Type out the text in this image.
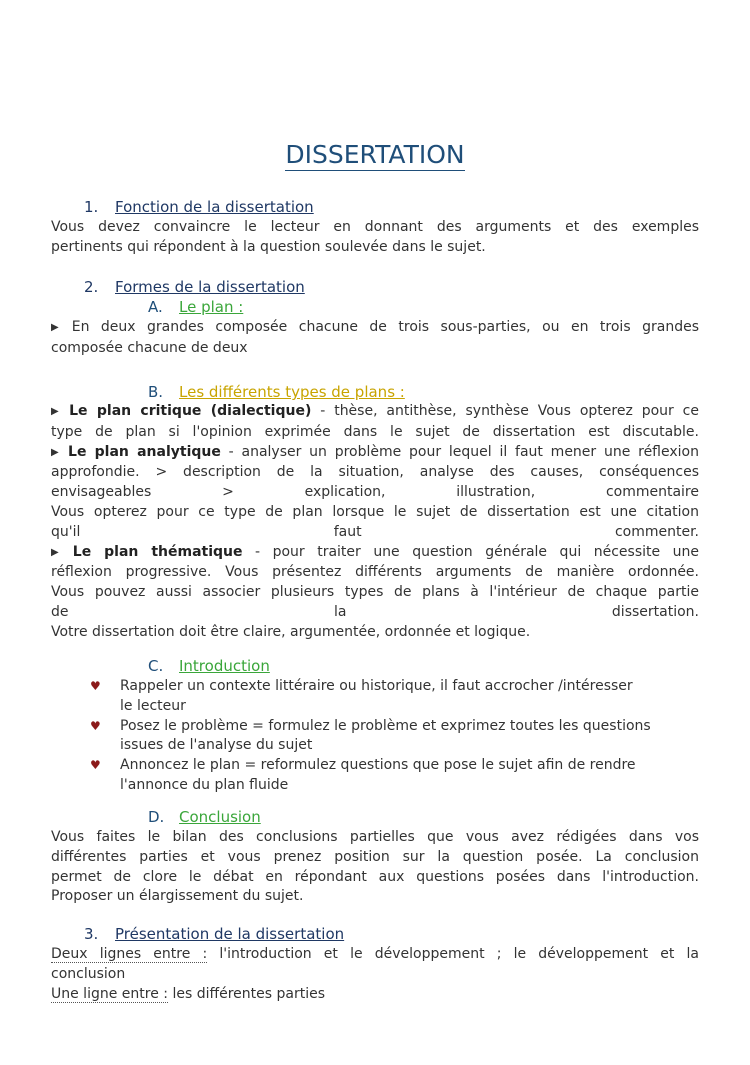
DISSERTATION
1. Fonction de la dissertation
Vous devez convaincre le lecteur en donnant des arguments et des exemples
pertinents qui répondent à la question soulevée dans le sujet.
2. Formes de la dissertation
A. Le plan :
▶ En deux grandes composée chacune de trois sous-parties, ou en trois grandes
composée chacune de deux
B. Les différents types de plans :
▶ Le plan critique (dialectique) - thèse, antithèse, synthèse Vous opterez pour ce
type de plan si l'opinion exprimée dans le sujet de dissertation est discutable.
▶ Le plan analytique - analyser un problème pour lequel il faut mener une réflexion
approfondie. > description de la situation, analyse des causes, conséquences
envisageables > explication, illustration, commentaire
Vous opterez pour ce type de plan lorsque le sujet de dissertation est une citation
qu'il faut commenter.
▶ Le plan thématique - pour traiter une question générale qui nécessite une
réflexion progressive. Vous présentez différents arguments de manière ordonnée.
Vous pouvez aussi associer plusieurs types de plans à l'intérieur de chaque partie
de la dissertation.
Votre dissertation doit être claire, argumentée, ordonnée et logique.
C. Introduction
♥ Rappeler un contexte littéraire ou historique, il faut accrocher /intéresser
le lecteur
♥ Posez le problème = formulez le problème et exprimez toutes les questions
issues de l'analyse du sujet
♥ Annoncez le plan = reformulez questions que pose le sujet afin de rendre
l'annonce du plan fluide
D. Conclusion
Vous faites le bilan des conclusions partielles que vous avez rédigées dans vos
différentes parties et vous prenez position sur la question posée. La conclusion
permet de clore le débat en répondant aux questions posées dans l'introduction.
Proposer un élargissement du sujet.
3. Présentation de la dissertation
Deux lignes entre : l'introduction et le développement ; le développement et la
conclusion
Une ligne entre : les différentes parties
